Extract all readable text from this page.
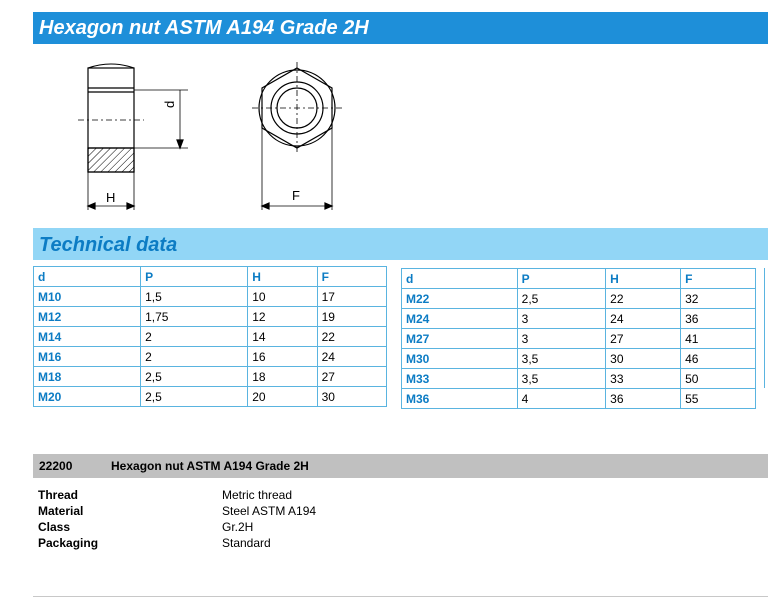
Hexagon nut ASTM A194 Grade 2H
d
H	F
Technical data
d	P	H	F
M10	1,5	10	17
M12	1,75	12	19
M14	2	14	22
M16	2	16	24
M18	2,5	18	27
M20	2,5	20	30
d	P	H	F
M22	2,5	22	32
M24	3	24	36
M27	3	27	41
M30	3,5	30	46
M33	3,5	33	50
M36	4	36	55
22200	Hexagon nut ASTM A194 Grade 2H
Thread	Metric thread
Material	Steel ASTM A194
Class	Gr.2H
Packaging	Standard
